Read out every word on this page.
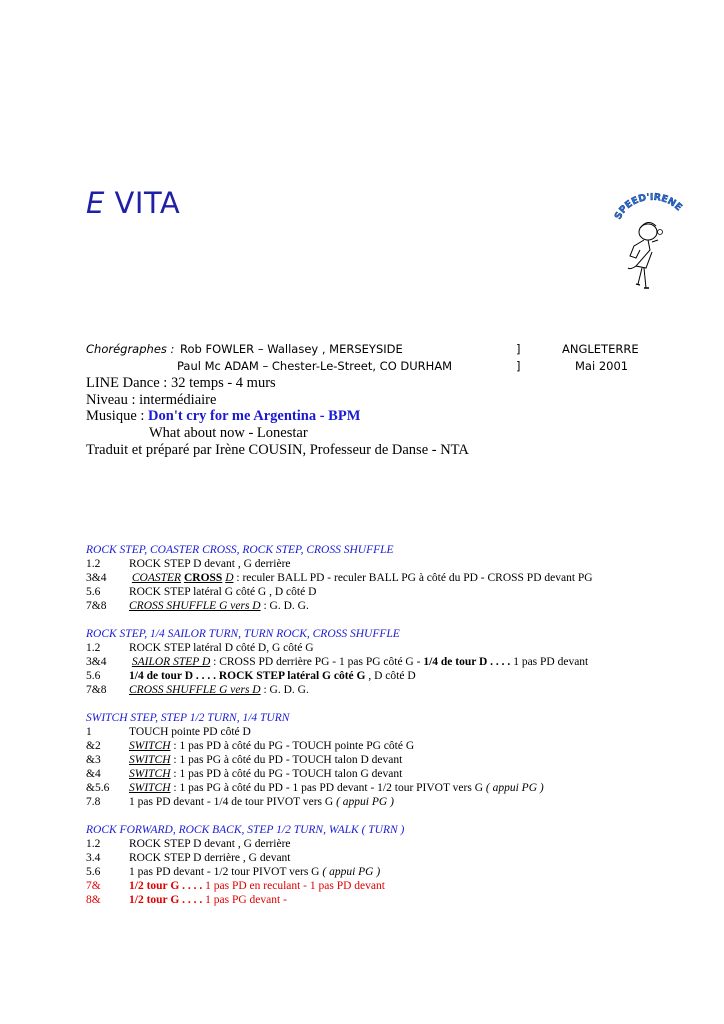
E VITA	SPEED'IRENE
Chorégraphes : Rob FOWLER – Wallasey , MERSEYSIDE	]	ANGLETERRE
Paul Mc ADAM – Chester-Le-Street, CO DURHAM	]	Mai 2001
LINE Dance : 32 temps - 4 murs
Niveau : intermédiaire
Musique : Don't cry for me Argentina - BPM
What about now - Lonestar
Traduit et préparé par Irène COUSIN, Professeur de Danse - NTA
ROCK STEP, COASTER CROSS, ROCK STEP, CROSS SHUFFLE
1.2 ROCK STEP D devant , G derrière
3&4 COASTER CROSS D : reculer BALL PD - reculer BALL PG à côté du PD - CROSS PD devant PG
5.6 ROCK STEP latéral G côté G , D côté D
7&8 CROSS SHUFFLE G vers D : G. D. G.
ROCK STEP, 1/4 SAILOR TURN, TURN ROCK, CROSS SHUFFLE
1.2 ROCK STEP latéral D côté D, G côté G
3&4 SAILOR STEP D : CROSS PD derrière PG - 1 pas PG côté G - 1/4 de tour D . . . . 1 pas PD devant
5.6 1/4 de tour D . . . . ROCK STEP latéral G côté G , D côté D
7&8 CROSS SHUFFLE G vers D : G. D. G.
SWITCH STEP, STEP 1/2 TURN, 1/4 TURN
1	TOUCH pointe PD côté D
&2 SWITCH : 1 pas PD à côté du PG - TOUCH pointe PG côté G
&3 SWITCH : 1 pas PG à côté du PD - TOUCH talon D devant
&4 SWITCH : 1 pas PD à côté du PG - TOUCH talon G devant
&5.6 SWITCH : 1 pas PG à côté du PD - 1 pas PD devant - 1/2 tour PIVOT vers G ( appui PG )
7.8 1 pas PD devant - 1/4 de tour PIVOT vers G ( appui PG )
ROCK FORWARD, ROCK BACK, STEP 1/2 TURN, WALK ( TURN )
1.2 ROCK STEP D devant , G derrière
3.4 ROCK STEP D derrière , G devant
5.6 1 pas PD devant - 1/2 tour PIVOT vers G ( appui PG )
7& 1/2 tour G . . . . 1 pas PD en reculant - 1 pas PD devant
8& 1/2 tour G . . . . 1 pas PG devant -
